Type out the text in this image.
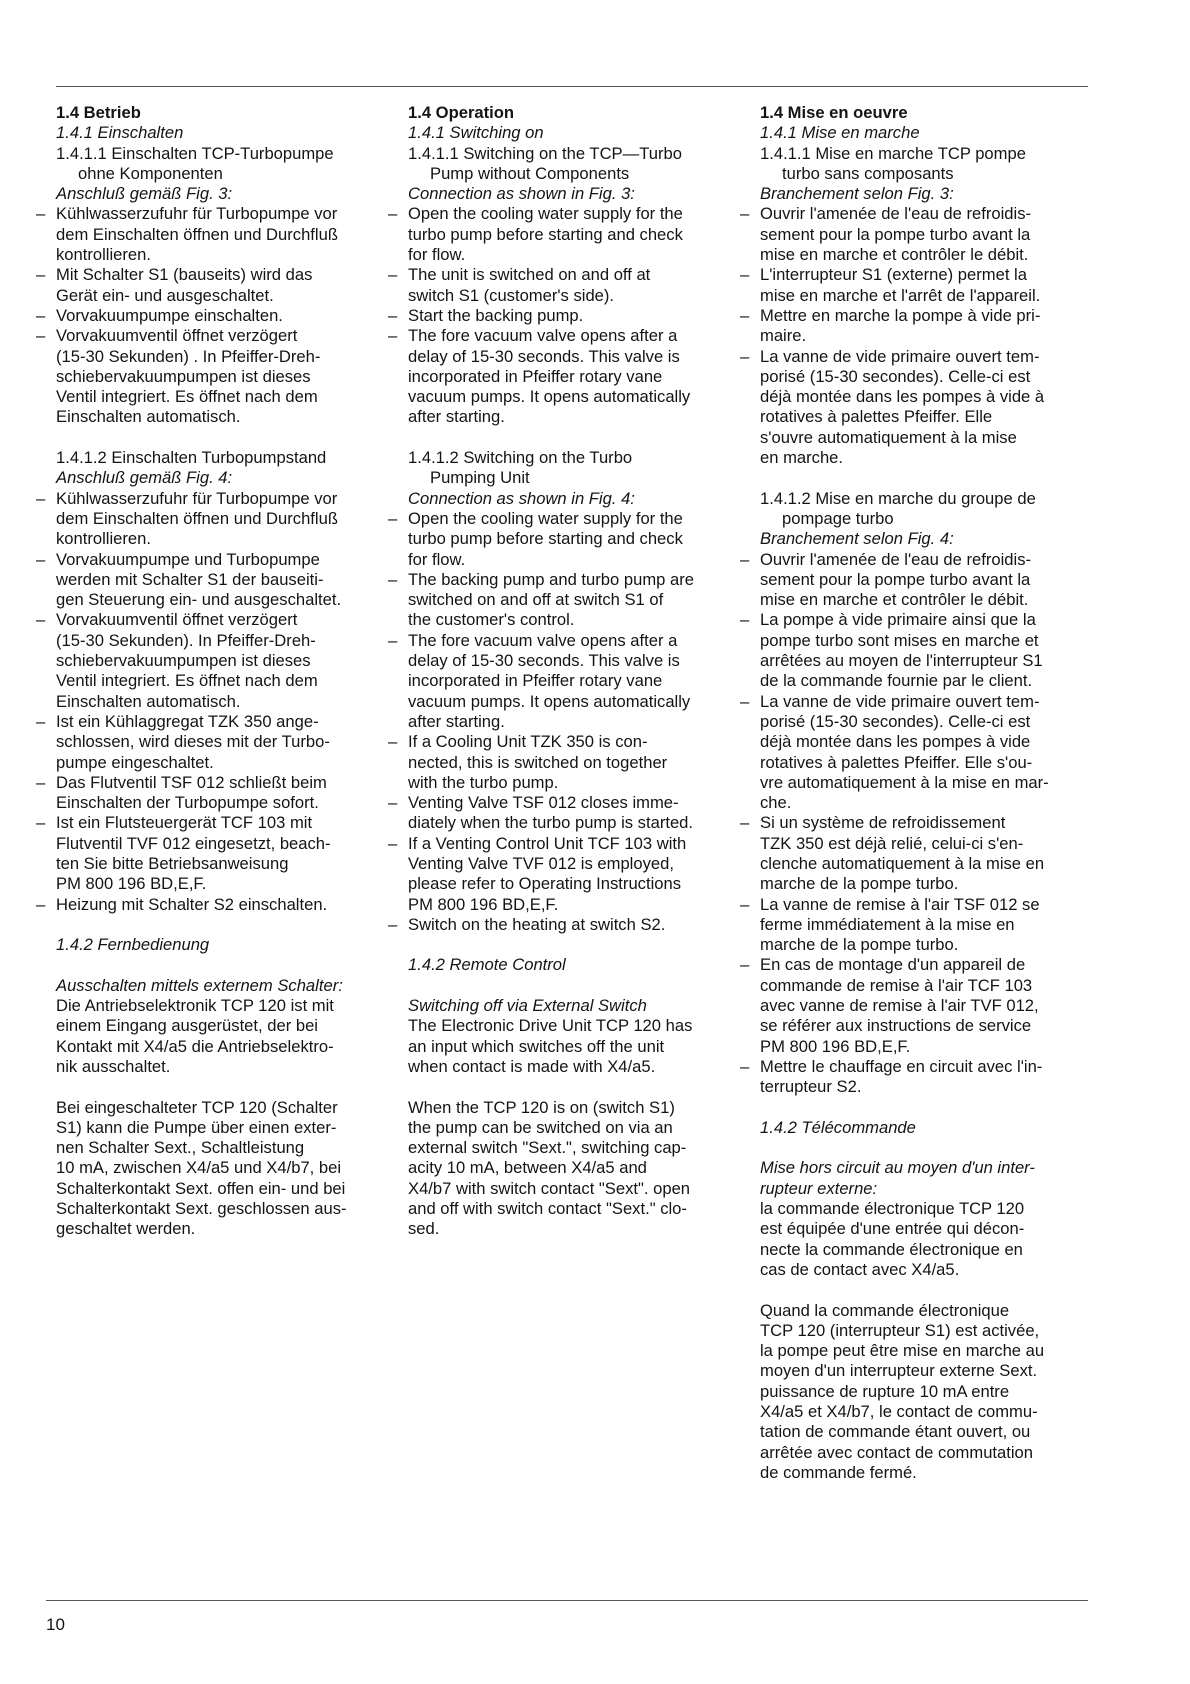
1.4 Betrieb
1.4.1 Einschalten
1.4.1.1 Einschalten TCP-Turbopumpe
ohne Komponenten
Anschluß gemäß Fig. 3:
– Kühlwasserzufuhr für Turbopumpe vor
dem Einschalten öffnen und Durchfluß
kontrollieren.
– Mit Schalter S1 (bauseits) wird das
Gerät ein- und ausgeschaltet.
– Vorvakuumpumpe einschalten.
– Vorvakuumventil öffnet verzögert
(15-30 Sekunden) . In Pfeiffer-Dreh-
schiebervakuumpumpen ist dieses
Ventil integriert. Es öffnet nach dem
Einschalten automatisch.
1.4.1.2 Einschalten Turbopumpstand
Anschluß gemäß Fig. 4:
– Kühlwasserzufuhr für Turbopumpe vor
dem Einschalten öffnen und Durchfluß
kontrollieren.
– Vorvakuumpumpe und Turbopumpe
werden mit Schalter S1 der bauseiti-
gen Steuerung ein- und ausgeschaltet.
– Vorvakuumventil öffnet verzögert
(15-30 Sekunden). In Pfeiffer-Dreh-
schiebervakuumpumpen ist dieses
Ventil integriert. Es öffnet nach dem
Einschalten automatisch.
– Ist ein Kühlaggregat TZK 350 ange-
schlossen, wird dieses mit der Turbo-
pumpe eingeschaltet.
– Das Flutventil TSF 012 schließt beim
Einschalten der Turbopumpe sofort.
– Ist ein Flutsteuergerät TCF 103 mit
Flutventil TVF 012 eingesetzt, beach-
ten Sie bitte Betriebsanweisung
PM 800 196 BD,E,F.
– Heizung mit Schalter S2 einschalten.
1.4.2 Fernbedienung
Ausschalten mittels externem Schalter:
Die Antriebselektronik TCP 120 ist mit
einem Eingang ausgerüstet, der bei
Kontakt mit X4/a5 die Antriebselektro-
nik ausschaltet.
Bei eingeschalteter TCP 120 (Schalter
S1) kann die Pumpe über einen exter-
nen Schalter Sext., Schaltleistung
10 mA, zwischen X4/a5 und X4/b7, bei
Schalterkontakt Sext. offen ein- und bei
Schalterkontakt Sext. geschlossen aus-
geschaltet werden.
1.4 Operation
1.4.1 Switching on
1.4.1.1 Switching on the TCP—Turbo
Pump without Components
Connection as shown in Fig. 3:
– Open the cooling water supply for the
turbo pump before starting and check
for flow.
– The unit is switched on and off at
switch S1 (customer's side).
– Start the backing pump.
– The fore vacuum valve opens after a
delay of 15-30 seconds. This valve is
incorporated in Pfeiffer rotary vane
vacuum pumps. It opens automatically
after starting.
1.4.1.2 Switching on the Turbo
Pumping Unit
Connection as shown in Fig. 4:
– Open the cooling water supply for the
turbo pump before starting and check
for flow.
– The backing pump and turbo pump are
switched on and off at switch S1 of
the customer's control.
– The fore vacuum valve opens after a
delay of 15-30 seconds. This valve is
incorporated in Pfeiffer rotary vane
vacuum pumps. It opens automatically
after starting.
– If a Cooling Unit TZK 350 is con-
nected, this is switched on together
with the turbo pump.
– Venting Valve TSF 012 closes imme-
diately when the turbo pump is started.
– If a Venting Control Unit TCF 103 with
Venting Valve TVF 012 is employed,
please refer to Operating Instructions
PM 800 196 BD,E,F.
– Switch on the heating at switch S2.
1.4.2 Remote Control
Switching off via External Switch
The Electronic Drive Unit TCP 120 has
an input which switches off the unit
when contact is made with X4/a5.
When the TCP 120 is on (switch S1)
the pump can be switched on via an
external switch "Sext.", switching cap-
acity 10 mA, between X4/a5 and
X4/b7 with switch contact "Sext". open
and off with switch contact "Sext." clo-
sed.
1.4 Mise en oeuvre
1.4.1 Mise en marche
1.4.1.1 Mise en marche TCP pompe
turbo sans composants
Branchement selon Fig. 3:
– Ouvrir l'amenée de l'eau de refroidis-
sement pour la pompe turbo avant la
mise en marche et contrôler le débit.
– L'interrupteur S1 (externe) permet la
mise en marche et l'arrêt de l'appareil.
– Mettre en marche la pompe à vide pri-
maire.
– La vanne de vide primaire ouvert tem-
porisé (15-30 secondes). Celle-ci est
déjà montée dans les pompes à vide à
rotatives à palettes Pfeiffer. Elle
s'ouvre automatiquement à la mise
en marche.
1.4.1.2 Mise en marche du groupe de
pompage turbo
Branchement selon Fig. 4:
– Ouvrir l'amenée de l'eau de refroidis-
sement pour la pompe turbo avant la
mise en marche et contrôler le débit.
– La pompe à vide primaire ainsi que la
pompe turbo sont mises en marche et
arrêtées au moyen de l'interrupteur S1
de la commande fournie par le client.
– La vanne de vide primaire ouvert tem-
porisé (15-30 secondes). Celle-ci est
déjà montée dans les pompes à vide
rotatives à palettes Pfeiffer. Elle s'ou-
vre automatiquement à la mise en mar-
che.
– Si un système de refroidissement
TZK 350 est déjà relié, celui-ci s'en-
clenche automatiquement à la mise en
marche de la pompe turbo.
– La vanne de remise à l'air TSF 012 se
ferme immédiatement à la mise en
marche de la pompe turbo.
– En cas de montage d'un appareil de
commande de remise à l'air TCF 103
avec vanne de remise à l'air TVF 012,
se référer aux instructions de service
PM 800 196 BD,E,F.
– Mettre le chauffage en circuit avec l'in-
terrupteur S2.
1.4.2 Télécommande
Mise hors circuit au moyen d'un inter-
rupteur externe:
la commande électronique TCP 120
est équipée d'une entrée qui décon-
necte la commande électronique en
cas de contact avec X4/a5.
Quand la commande électronique
TCP 120 (interrupteur S1) est activée,
la pompe peut être mise en marche au
moyen d'un interrupteur externe Sext.
puissance de rupture 10 mA entre
X4/a5 et X4/b7, le contact de commu-
tation de commande étant ouvert, ou
arrêtée avec contact de commutation
de commande fermé.
10
